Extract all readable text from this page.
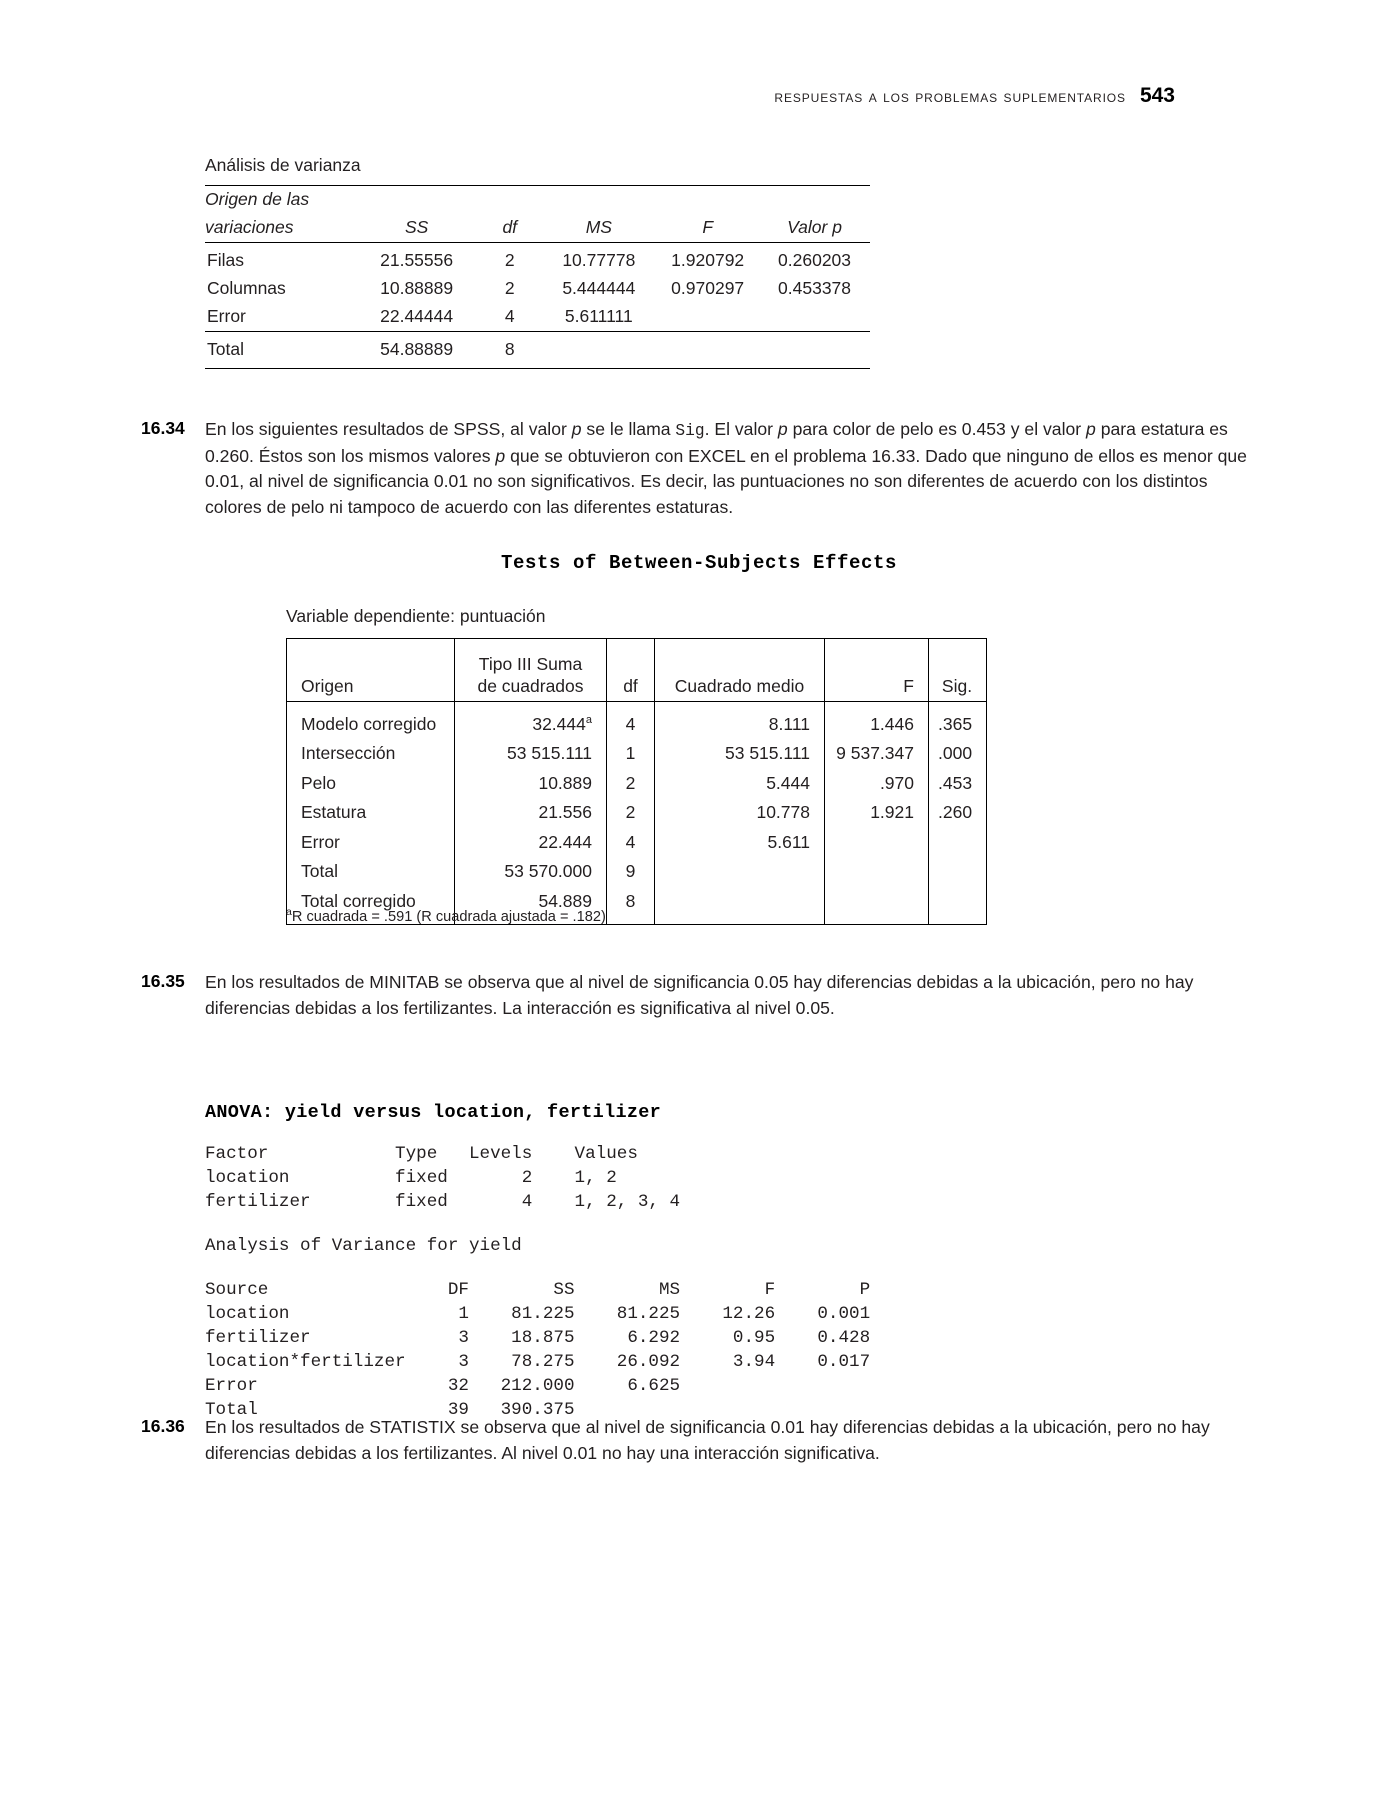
respuestas a los problemas suplementarios 543
Análisis de varianza
Origen de las					
variaciones	SS	df	MS	F	Valor p
Filas	21.55556	2	10.77778	1.920792	0.260203
Columnas	10.88889	2	5.444444	0.970297	0.453378
Error	22.44444	4	5.611111		
Total	54.88889	8			
16.34	En los siguientes resultados de SPSS, al valor p se le llama Sig. El valor p para color de pelo es 0.453 y el valor p para estatura es 0.260. Éstos son los mismos valores p que se obtuvieron con EXCEL en el problema 16.33. Dado que ninguno de ellos es menor que 0.01, al nivel de significancia 0.01 no son significativos. Es decir, las puntuaciones no son diferentes de acuerdo con los distintos colores de pelo ni tampoco de acuerdo con las diferentes estaturas.
Tests of Between-Subjects Effects
Variable dependiente: puntuación
Origen	Tipo III Suma
de cuadrados	df	Cuadrado medio	F	Sig.
Modelo corregido	32.444$^a$	4	8.111	1.446	.365
Intersección	53 515.111	1	53 515.111	9 537.347	.000
Pelo	10.889	2	5.444	.970	.453
Estatura	21.556	2	10.778	1.921	.260
Error	22.444	4	5.611		
Total	53 570.000	9			
Total corregido	54.889	8			
$^a$R cuadrada = .591 (R cuadrada ajustada = .182)
16.35	En los resultados de MINITAB se observa que al nivel de significancia 0.05 hay diferencias debidas a la ubicación, pero no hay diferencias debidas a los fertilizantes. La interacción es significativa al nivel 0.05.

ANOVA: yield versus location, fertilizer
Factor            Type   Levels    Values
location          fixed       2    1, 2
fertilizer        fixed       4    1, 2, 3, 4
Analysis of Variance for yield
Source                 DF        SS        MS        F        P
location                1    81.225    81.225    12.26    0.001
fertilizer              3    18.875     6.292     0.95    0.428
location*fertilizer     3    78.275    26.092     3.94    0.017
Error                  32   212.000     6.625
Total                  39   390.375

16.36	En los resultados de STATISTIX se observa que al nivel de significancia 0.01 hay diferencias debidas a la ubicación, pero no hay diferencias debidas a los fertilizantes. Al nivel 0.01 no hay una interacción significativa.
